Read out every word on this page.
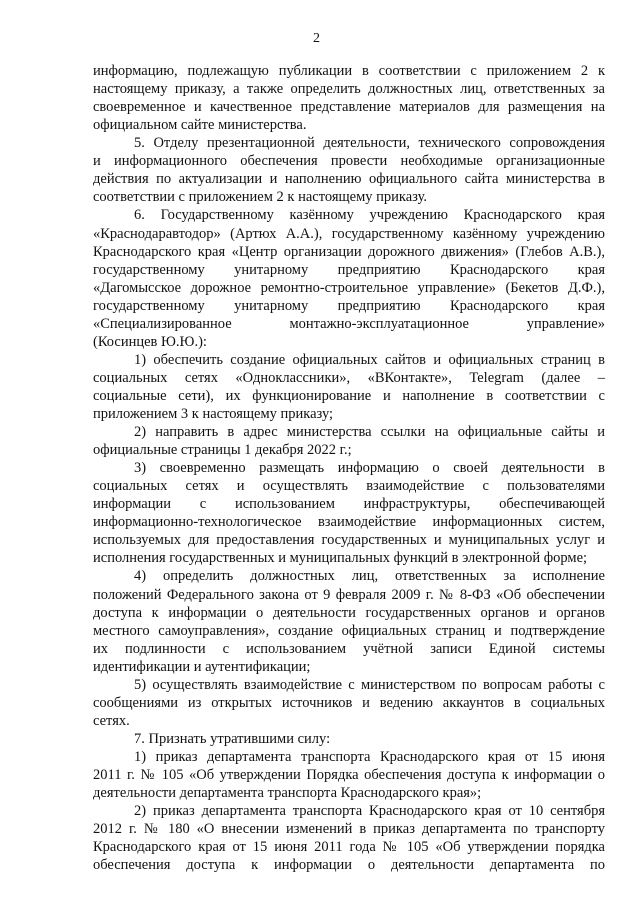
2
информацию, подлежащую публикации в соответствии с приложением 2 к
настоящему приказу, а также определить должностных лиц, ответственных за
своевременное и качественное представление материалов для размещения на
официальном сайте министерства.
5. Отделу презентационной деятельности, технического сопровождения
и информационного обеспечения провести необходимые организационные
действия по актуализации и наполнению официального сайта министерства в
соответствии с приложением 2 к настоящему приказу.
6. Государственному казённому учреждению Краснодарского края
«Краснодаравтодор» (Артюх А.А.), государственному казённому учреждению
Краснодарского края «Центр организации дорожного движения» (Глебов А.В.),
государственному унитарному предприятию Краснодарского края
«Дагомысское дорожное ремонтно-строительное управление» (Бекетов Д.Ф.),
государственному унитарному предприятию Краснодарского края
«Специализированное монтажно-эксплуатационное управление»
(Косинцев Ю.Ю.):
1) обеспечить создание официальных сайтов и официальных страниц в
социальных сетях «Одноклассники», «ВКонтакте», Telegram (далее –
социальные сети), их функционирование и наполнение в соответствии с
приложением 3 к настоящему приказу;
2) направить в адрес министерства ссылки на официальные сайты и
официальные страницы 1 декабря 2022 г.;
3) своевременно размещать информацию о своей деятельности в
социальных сетях и осуществлять взаимодействие с пользователями
информации с использованием инфраструктуры, обеспечивающей
информационно-технологическое взаимодействие информационных систем,
используемых для предоставления государственных и муниципальных услуг и
исполнения государственных и муниципальных функций в электронной форме;
4) определить должностных лиц, ответственных за исполнение
положений Федерального закона от 9 февраля 2009 г. № 8-ФЗ «Об обеспечении
доступа к информации о деятельности государственных органов и органов
местного самоуправления», создание официальных страниц и подтверждение
их подлинности с использованием учётной записи Единой системы
идентификации и аутентификации;
5) осуществлять взаимодействие с министерством по вопросам работы с
сообщениями из открытых источников и ведению аккаунтов в социальных
сетях.
7. Признать утратившими силу:
1) приказ департамента транспорта Краснодарского края от 15 июня
2011 г. № 105 «Об утверждении Порядка обеспечения доступа к информации о
деятельности департамента транспорта Краснодарского края»;
2) приказ департамента транспорта Краснодарского края от 10 сентября
2012 г. № 180 «О внесении изменений в приказ департамента по транспорту
Краснодарского края от 15 июня 2011 года № 105 «Об утверждении порядка
обеспечения доступа к информации о деятельности департамента по
